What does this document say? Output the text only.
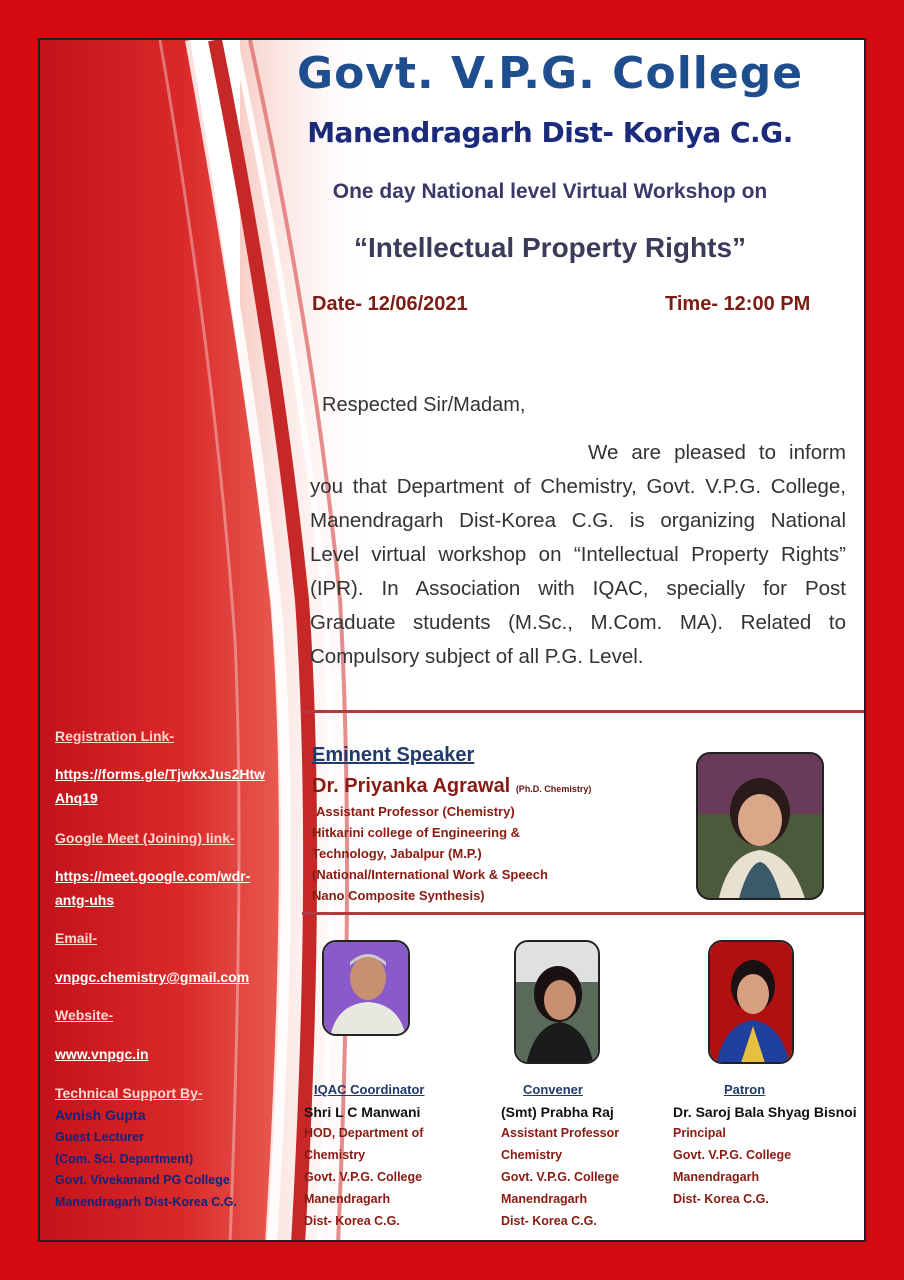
Govt. V.P.G. College
Manendragarh Dist- Koriya C.G.
One day National level Virtual Workshop on
“Intellectual Property Rights”
Date- 12/06/2021	Time- 12:00 PM
Respected Sir/Madam,
We are pleased to inform you that Department of Chemistry, Govt. V.P.G. College, Manendragarh Dist-Korea C.G. is organizing National Level virtual workshop on “Intellectual Property Rights” (IPR). In Association with IQAC, specially for Post Graduate students (M.Sc., M.Com. MA). Related to Compulsory subject of all P.G. Level.
Eminent Speaker
Dr. Priyanka Agrawal (Ph.D. Chemistry)
Assistant Professor (Chemistry)
Hitkarini college of Engineering &
Technology, Jabalpur (M.P.)
(National/International Work & Speech
Nano Composite Synthesis)
IQAC Coordinator
Shri L C Manwani
HOD, Department of
Chemistry
Govt. V.P.G. College
Manendragarh
Dist- Korea C.G.
Convener
(Smt) Prabha Raj
Assistant Professor
Chemistry
Govt. V.P.G. College
Manendragarh
Dist- Korea C.G.
Patron
Dr. Saroj Bala Shyag Bisnoi
Principal
Govt. V.P.G. College
Manendragarh
Dist- Korea C.G.
Registration Link-
https://forms.gle/TjwkxJus2Htw
Ahq19
Google Meet (Joining) link-
https://meet.google.com/wdr-
antg-uhs
Email-
vnpgc.chemistry@gmail.com
Website-
www.vnpgc.in
Technical Support By-
Avnish Gupta
Guest Lecturer
(Com. Sci. Department)
Govt. Vivekanand PG College
Manendragarh Dist-Korea C.G.
